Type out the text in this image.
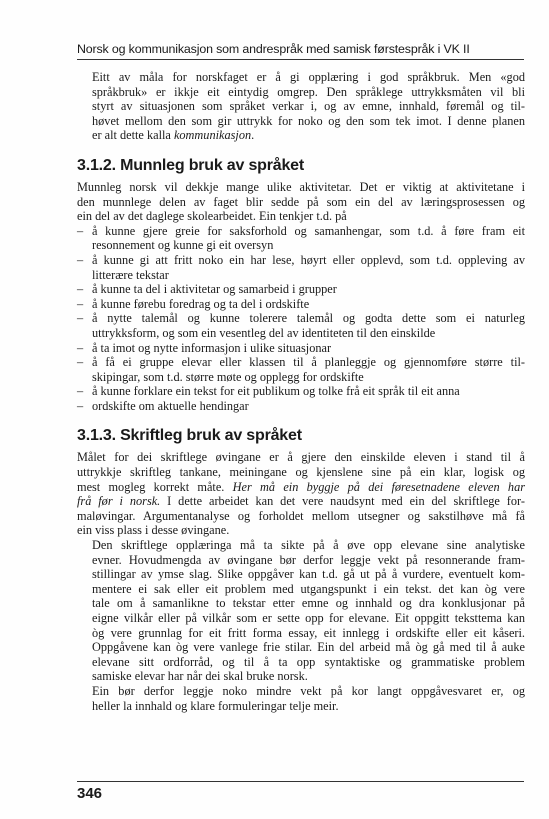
Norsk og kommunikasjon som andrespråk med samisk førstespråk i VK II

Eitt av måla for norskfaget er å gi opplæring i god språkbruk. Men «god
språkbruk» er ikkje eit eintydig omgrep. Den språklege uttrykksmåten vil bli
styrt av situasjonen som språket verkar i, og av emne, innhald, føremål og til-
høvet mellom den som gir uttrykk for noko og den som tek imot. I denne planen
er alt dette kalla kommunikasjon.

3.1.2. Munnleg bruk av språket

Munnleg norsk vil dekkje mange ulike aktivitetar. Det er viktig at aktivitetane i
den munnlege delen av faget blir sedde på som ein del av læringsprosessen og
ein del av det daglege skolearbeidet. Ein tenkjer t.d. på

– å kunne gjere greie for saksforhold og samanhengar, som t.d. å føre fram eit
resonnement og kunne gi eit oversyn
– å kunne gi att fritt noko ein har lese, høyrt eller opplevd, som t.d. oppleving av
litterære tekstar
– å kunne ta del i aktivitetar og samarbeid i grupper
– å kunne førebu foredrag og ta del i ordskifte
– å nytte talemål og kunne tolerere talemål og godta dette som ei naturleg
uttrykksform, og som ein vesentleg del av identiteten til den einskilde
– å ta imot og nytte informasjon i ulike situasjonar
– å få ei gruppe elevar eller klassen til å planleggje og gjennomføre større til-
skipingar, som t.d. større møte og opplegg for ordskifte
– å kunne forklare ein tekst for eit publikum og tolke frå eit språk til eit anna
– ordskifte om aktuelle hendingar
3.1.3. Skriftleg bruk av språket

Målet for dei skriftlege øvingane er å gjere den einskilde eleven i stand til å
uttrykkje skriftleg tankane, meiningane og kjenslene sine på ein klar, logisk og
mest mogleg korrekt måte. Her må ein byggje på dei føresetnadene eleven har
frå før i norsk. I dette arbeidet kan det vere naudsynt med ein del skriftlege for-
maløvingar. Argumentanalyse og forholdet mellom utsegner og sakstilhøve må få
ein viss plass i desse øvingane.

Den skriftlege opplæringa må ta sikte på å øve opp elevane sine analytiske
evner. Hovudmengda av øvingane bør derfor leggje vekt på resonnerande fram-
stillingar av ymse slag. Slike oppgåver kan t.d. gå ut på å vurdere, eventuelt kom-
mentere ei sak eller eit problem med utgangspunkt i ein tekst. det kan òg vere
tale om å samanlikne to tekstar etter emne og innhald og dra konklusjonar på
eigne vilkår eller på vilkår som er sette opp for elevane. Eit oppgitt teksttema kan
òg vere grunnlag for eit fritt forma essay, eit innlegg i ordskifte eller eit kåseri.
Oppgåvene kan òg vere vanlege frie stilar. Ein del arbeid må òg gå med til å auke
elevane sitt ordforråd, og til å ta opp syntaktiske og grammatiske problem
samiske elevar har når dei skal bruke norsk.

Ein bør derfor leggje noko mindre vekt på kor langt oppgåvesvaret er, og
heller la innhald og klare formuleringar telje meir.

346
